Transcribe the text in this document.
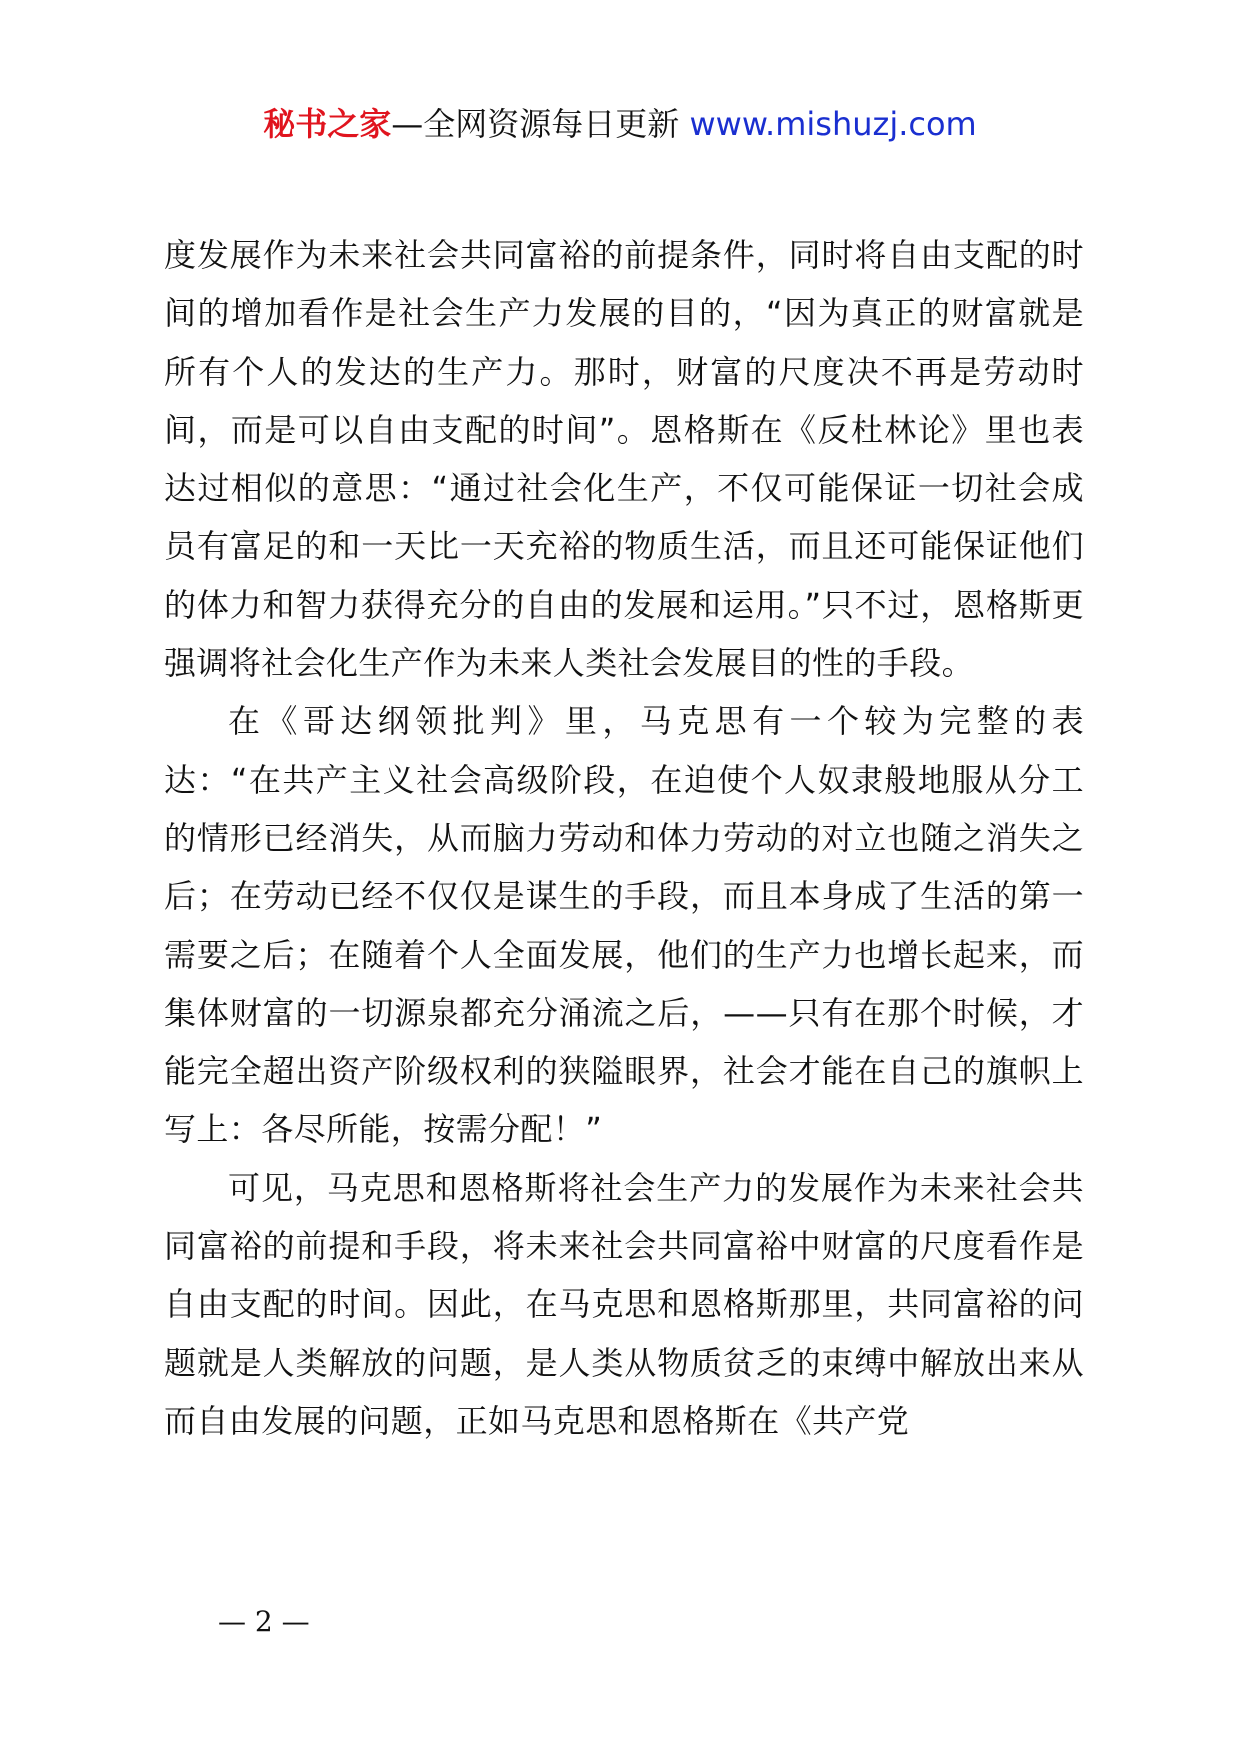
秘书之家—全网资源每日更新 www.mishuzj.com

度发展作为未来社会共同富裕的前提条件，同时将自由支配的时间的增加看作是社会生产力发展的目的，“因为真正的财富就是所有个人的发达的生产力。那时，财富的尺度决不再是劳动时间，而是可以自由支配的时间”。恩格斯在《反杜林论》里也表达过相似的意思：“通过社会化生产，不仅可能保证一切社会成员有富足的和一天比一天充裕的物质生活，而且还可能保证他们的体力和智力获得充分的自由的发展和运用。”只不过，恩格斯更强调将社会化生产作为未来人类社会发展目的性的手段。

在《哥达纲领批判》里，马克思有一个较为完整的表达：“在共产主义社会高级阶段，在迫使个人奴隶般地服从分工的情形已经消失，从而脑力劳动和体力劳动的对立也随之消失之后；在劳动已经不仅仅是谋生的手段，而且本身成了生活的第一需要之后；在随着个人全面发展，他们的生产力也增长起来，而集体财富的一切源泉都充分涌流之后，——只有在那个时候，才能完全超出资产阶级权利的狭隘眼界，社会才能在自己的旗帜上写上：各尽所能，按需分配！”

可见，马克思和恩格斯将社会生产力的发展作为未来社会共同富裕的前提和手段，将未来社会共同富裕中财富的尺度看作是自由支配的时间。因此，在马克思和恩格斯那里，共同富裕的问题就是人类解放的问题，是人类从物质贫乏的束缚中解放出来从而自由发展的问题，正如马克思和恩格斯在《共产党

— 2 —
